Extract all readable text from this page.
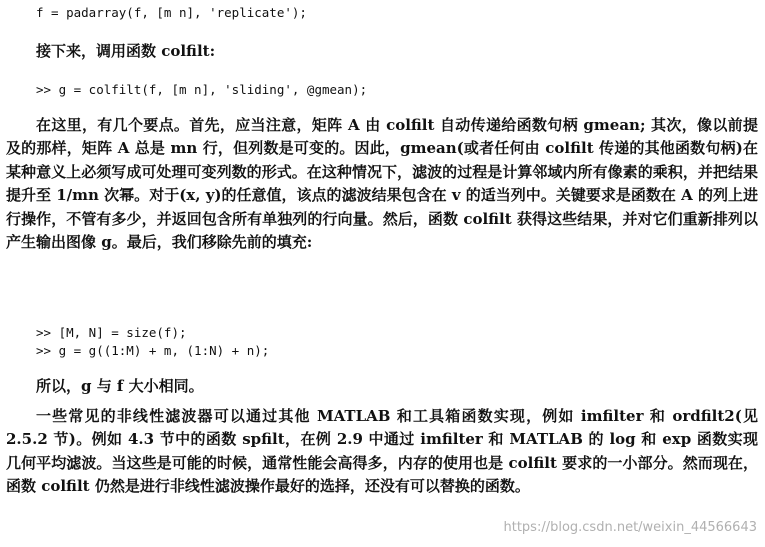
f = padarray(f, [m n], 'replicate');
接下来，调用函数 colfilt:
>> g = colfilt(f, [m n], 'sliding', @gmean);
在这里，有几个要点。首先，应当注意，矩阵 A 由 colfilt 自动传递给函数句柄 gmean; 其次，像以前提及的那样，矩阵 A 总是 mn 行，但列数是可变的。因此，gmean(或者任何由 colfilt 传递的其他函数句柄)在某种意义上必须写成可处理可变列数的形式。在这种情况下，滤波的过程是计算邻域内所有像素的乘积，并把结果提升至 1/mn 次幂。对于(x, y)的任意值，该点的滤波结果包含在 v 的适当列中。关键要求是函数在 A 的列上进行操作，不管有多少，并返回包含所有单独列的行向量。然后，函数 colfilt 获得这些结果，并对它们重新排列以产生输出图像 g。最后，我们移除先前的填充:
>> [M, N] = size(f);
>> g = g((1:M) + m, (1:N) + n);
所以，g 与 f 大小相同。
一些常见的非线性滤波器可以通过其他 MATLAB 和工具箱函数实现，例如 imfilter 和 ordfilt2(见 2.5.2 节)。例如 4.3 节中的函数 spfilt，在例 2.9 中通过 imfilter 和 MATLAB 的 log 和 exp 函数实现几何平均滤波。当这些是可能的时候，通常性能会高得多，内存的使用也是 colfilt 要求的一小部分。然而现在，函数 colfilt 仍然是进行非线性滤波操作最好的选择，还没有可以替换的函数。
https://blog.csdn.net/weixin_44566643
